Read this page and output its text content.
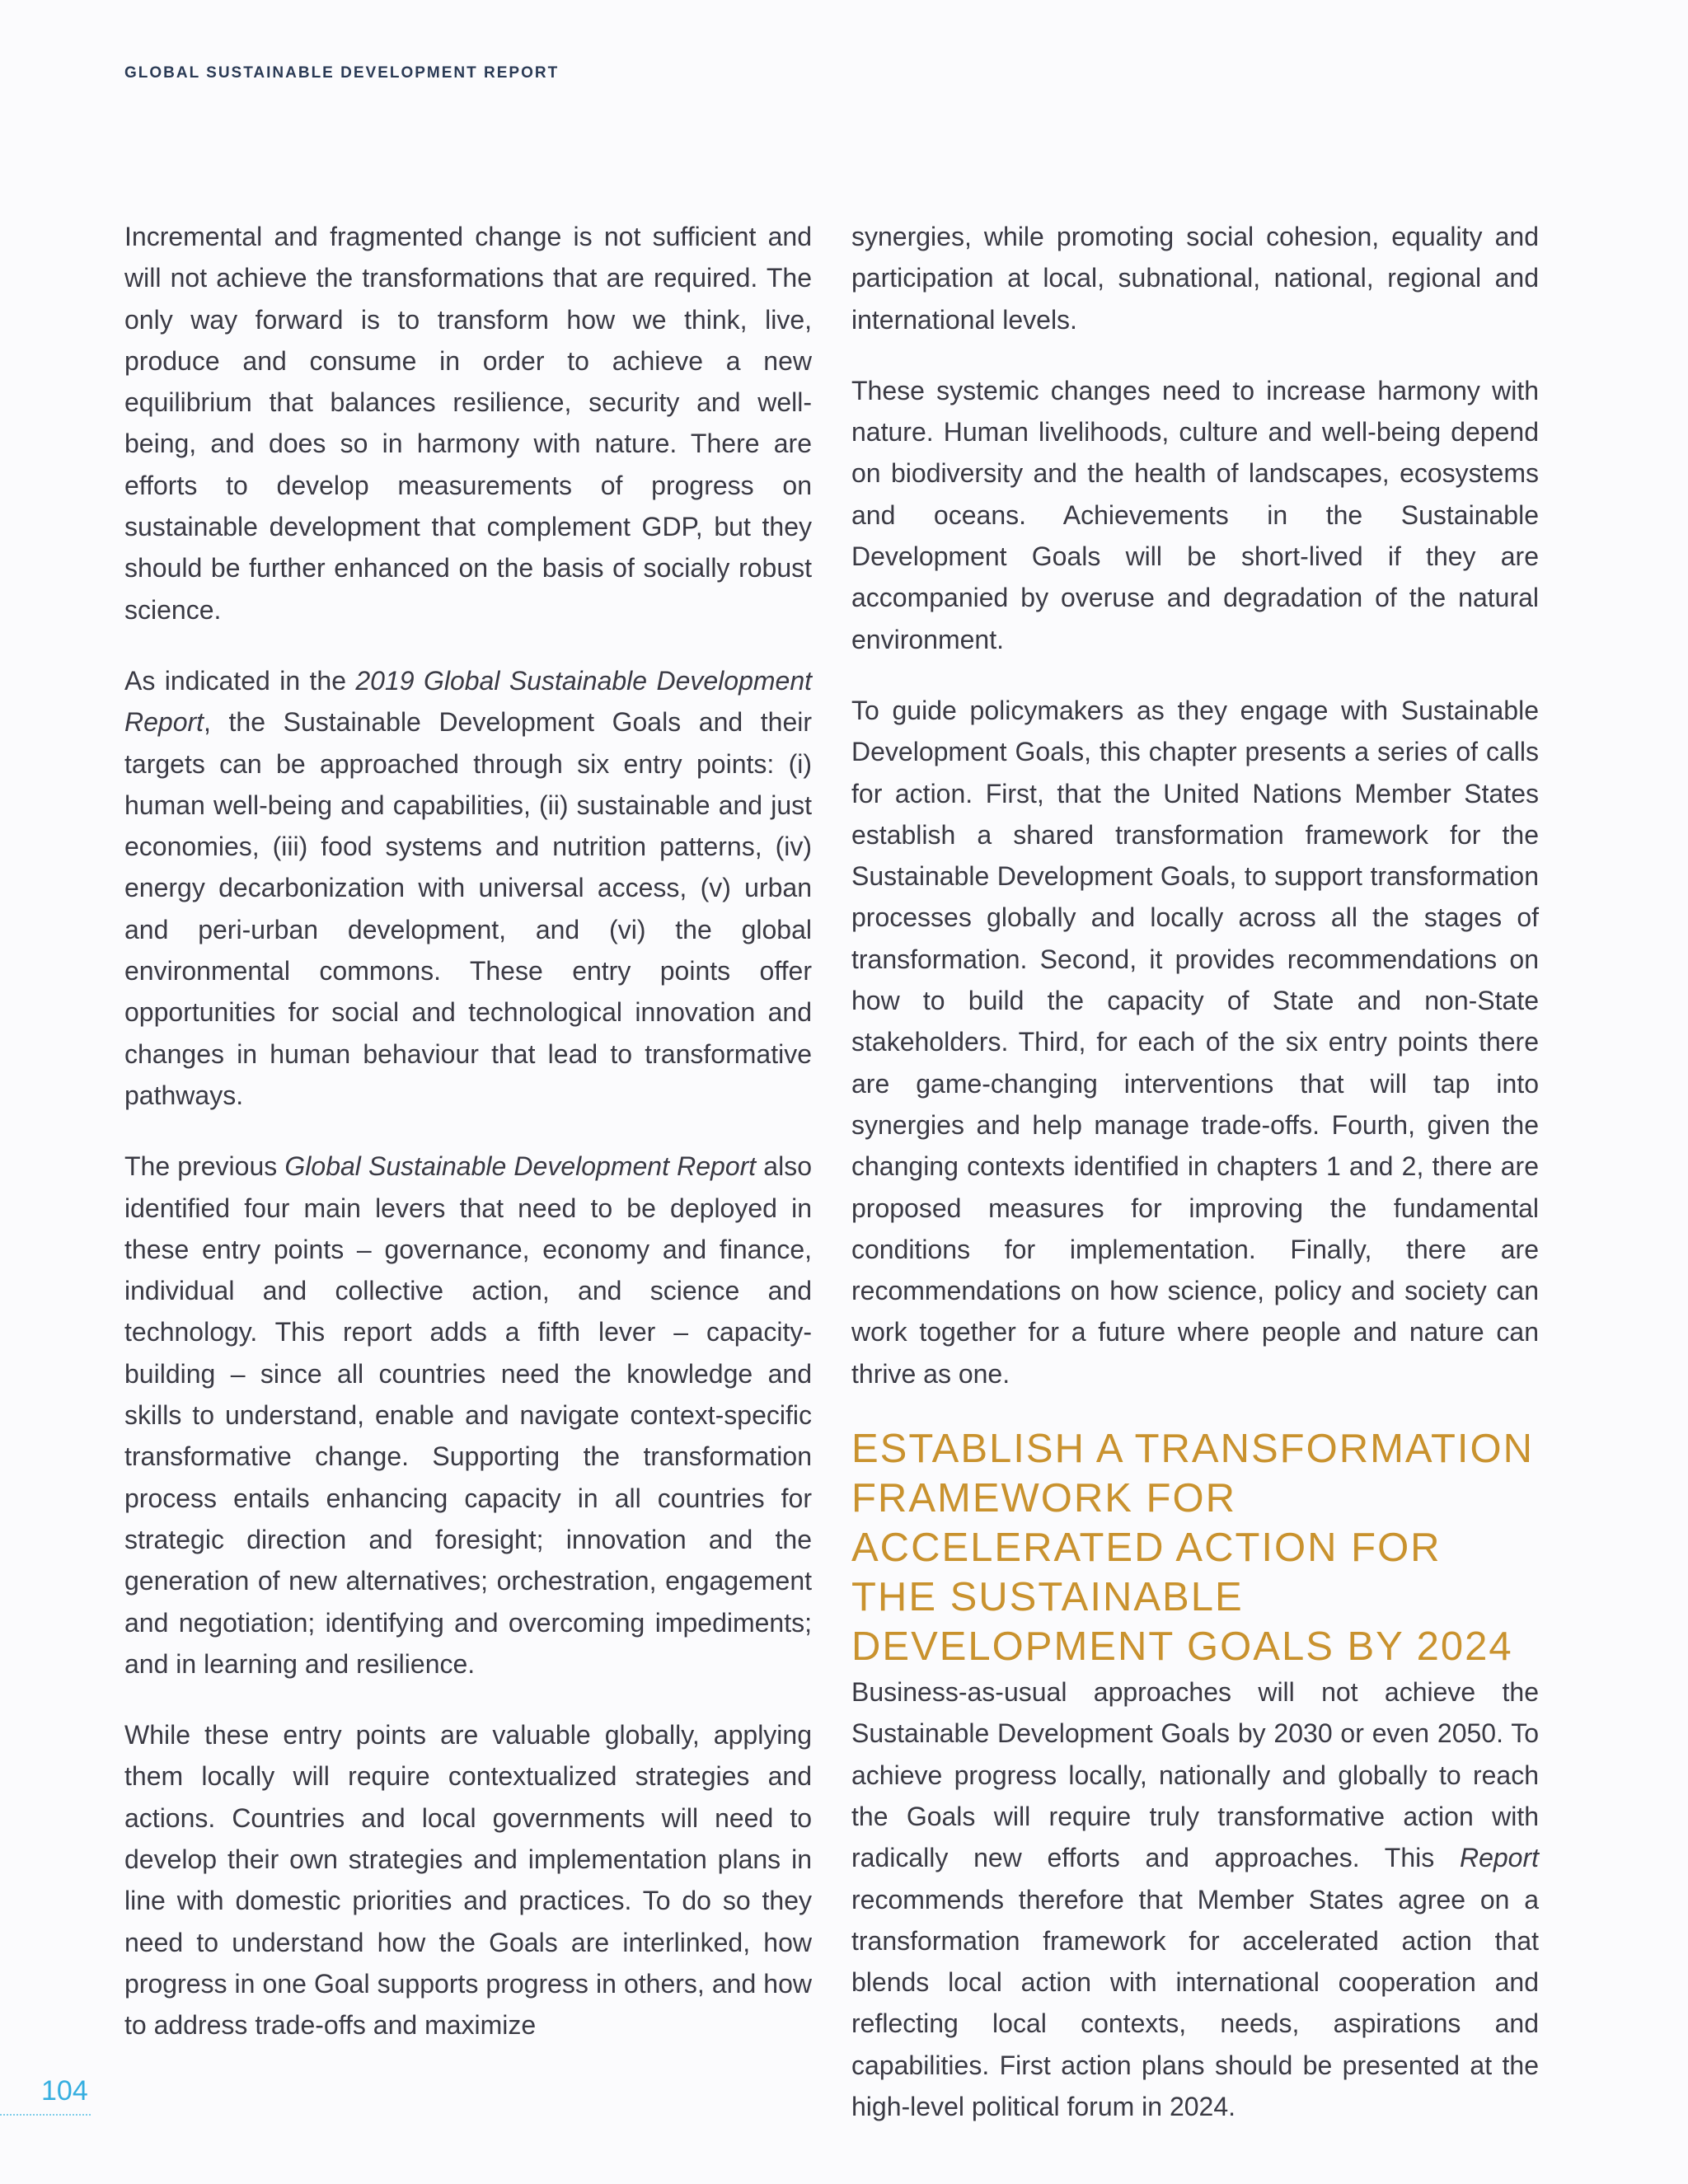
GLOBAL SUSTAINABLE DEVELOPMENT REPORT

Incremental and fragmented change is not sufficient and will not achieve the transformations that are required. The only way forward is to transform how we think, live, produce and consume in order to achieve a new equilibrium that balances resilience, security and well-being, and does so in harmony with nature. There are efforts to develop measurements of progress on sustainable development that complement GDP, but they should be further enhanced on the basis of socially robust science.

As indicated in the 2019 Global Sustainable Development Report, the Sustainable Development Goals and their targets can be approached through six entry points: (i) human well-being and capabilities, (ii) sustainable and just economies, (iii) food systems and nutrition patterns, (iv) energy decarbonization with universal access, (v) urban and peri-urban development, and (vi) the global environmental commons. These entry points offer opportunities for social and technological innovation and changes in human behaviour that lead to transformative pathways.

The previous Global Sustainable Development Report also identified four main levers that need to be deployed in these entry points – governance, economy and finance, individual and collective action, and science and technology. This report adds a fifth lever – capacity-building – since all countries need the knowledge and skills to understand, enable and navigate context-specific transformative change. Supporting the transformation process entails enhancing capacity in all countries for strategic direction and foresight; innovation and the generation of new alternatives; orchestration, engagement and negotiation; identifying and overcoming impediments; and in learning and resilience.

While these entry points are valuable globally, applying them locally will require contextualized strategies and actions. Countries and local governments will need to develop their own strategies and implementation plans in line with domestic priorities and practices. To do so they need to understand how the Goals are interlinked, how progress in one Goal supports progress in others, and how to address trade-offs and maximize

synergies, while promoting social cohesion, equality and participation at local, subnational, national, regional and international levels.

These systemic changes need to increase harmony with nature. Human livelihoods, culture and well-being depend on biodiversity and the health of landscapes, ecosystems and oceans. Achievements in the Sustainable Development Goals will be short-lived if they are accompanied by overuse and degradation of the natural environment.

To guide policymakers as they engage with Sustainable Development Goals, this chapter presents a series of calls for action. First, that the United Nations Member States establish a shared transformation framework for the Sustainable Development Goals, to support transformation processes globally and locally across all the stages of transformation. Second, it provides recommendations on how to build the capacity of State and non-State stakeholders. Third, for each of the six entry points there are game-changing interventions that will tap into synergies and help manage trade-offs. Fourth, given the changing contexts identified in chapters 1 and 2, there are proposed measures for improving the fundamental conditions for implementation. Finally, there are recommendations on how science, policy and society can work together for a future where people and nature can thrive as one.

ESTABLISH A TRANSFORMATION FRAMEWORK FOR ACCELERATED ACTION FOR THE SUSTAINABLE DEVELOPMENT GOALS BY 2024

Business-as-usual approaches will not achieve the Sustainable Development Goals by 2030 or even 2050. To achieve progress locally, nationally and globally to reach the Goals will require truly transformative action with radically new efforts and approaches. This Report recommends therefore that Member States agree on a transformation framework for accelerated action that blends local action with international cooperation and reflecting local contexts, needs, aspirations and capabilities. First action plans should be presented at the high-level political forum in 2024.

104
